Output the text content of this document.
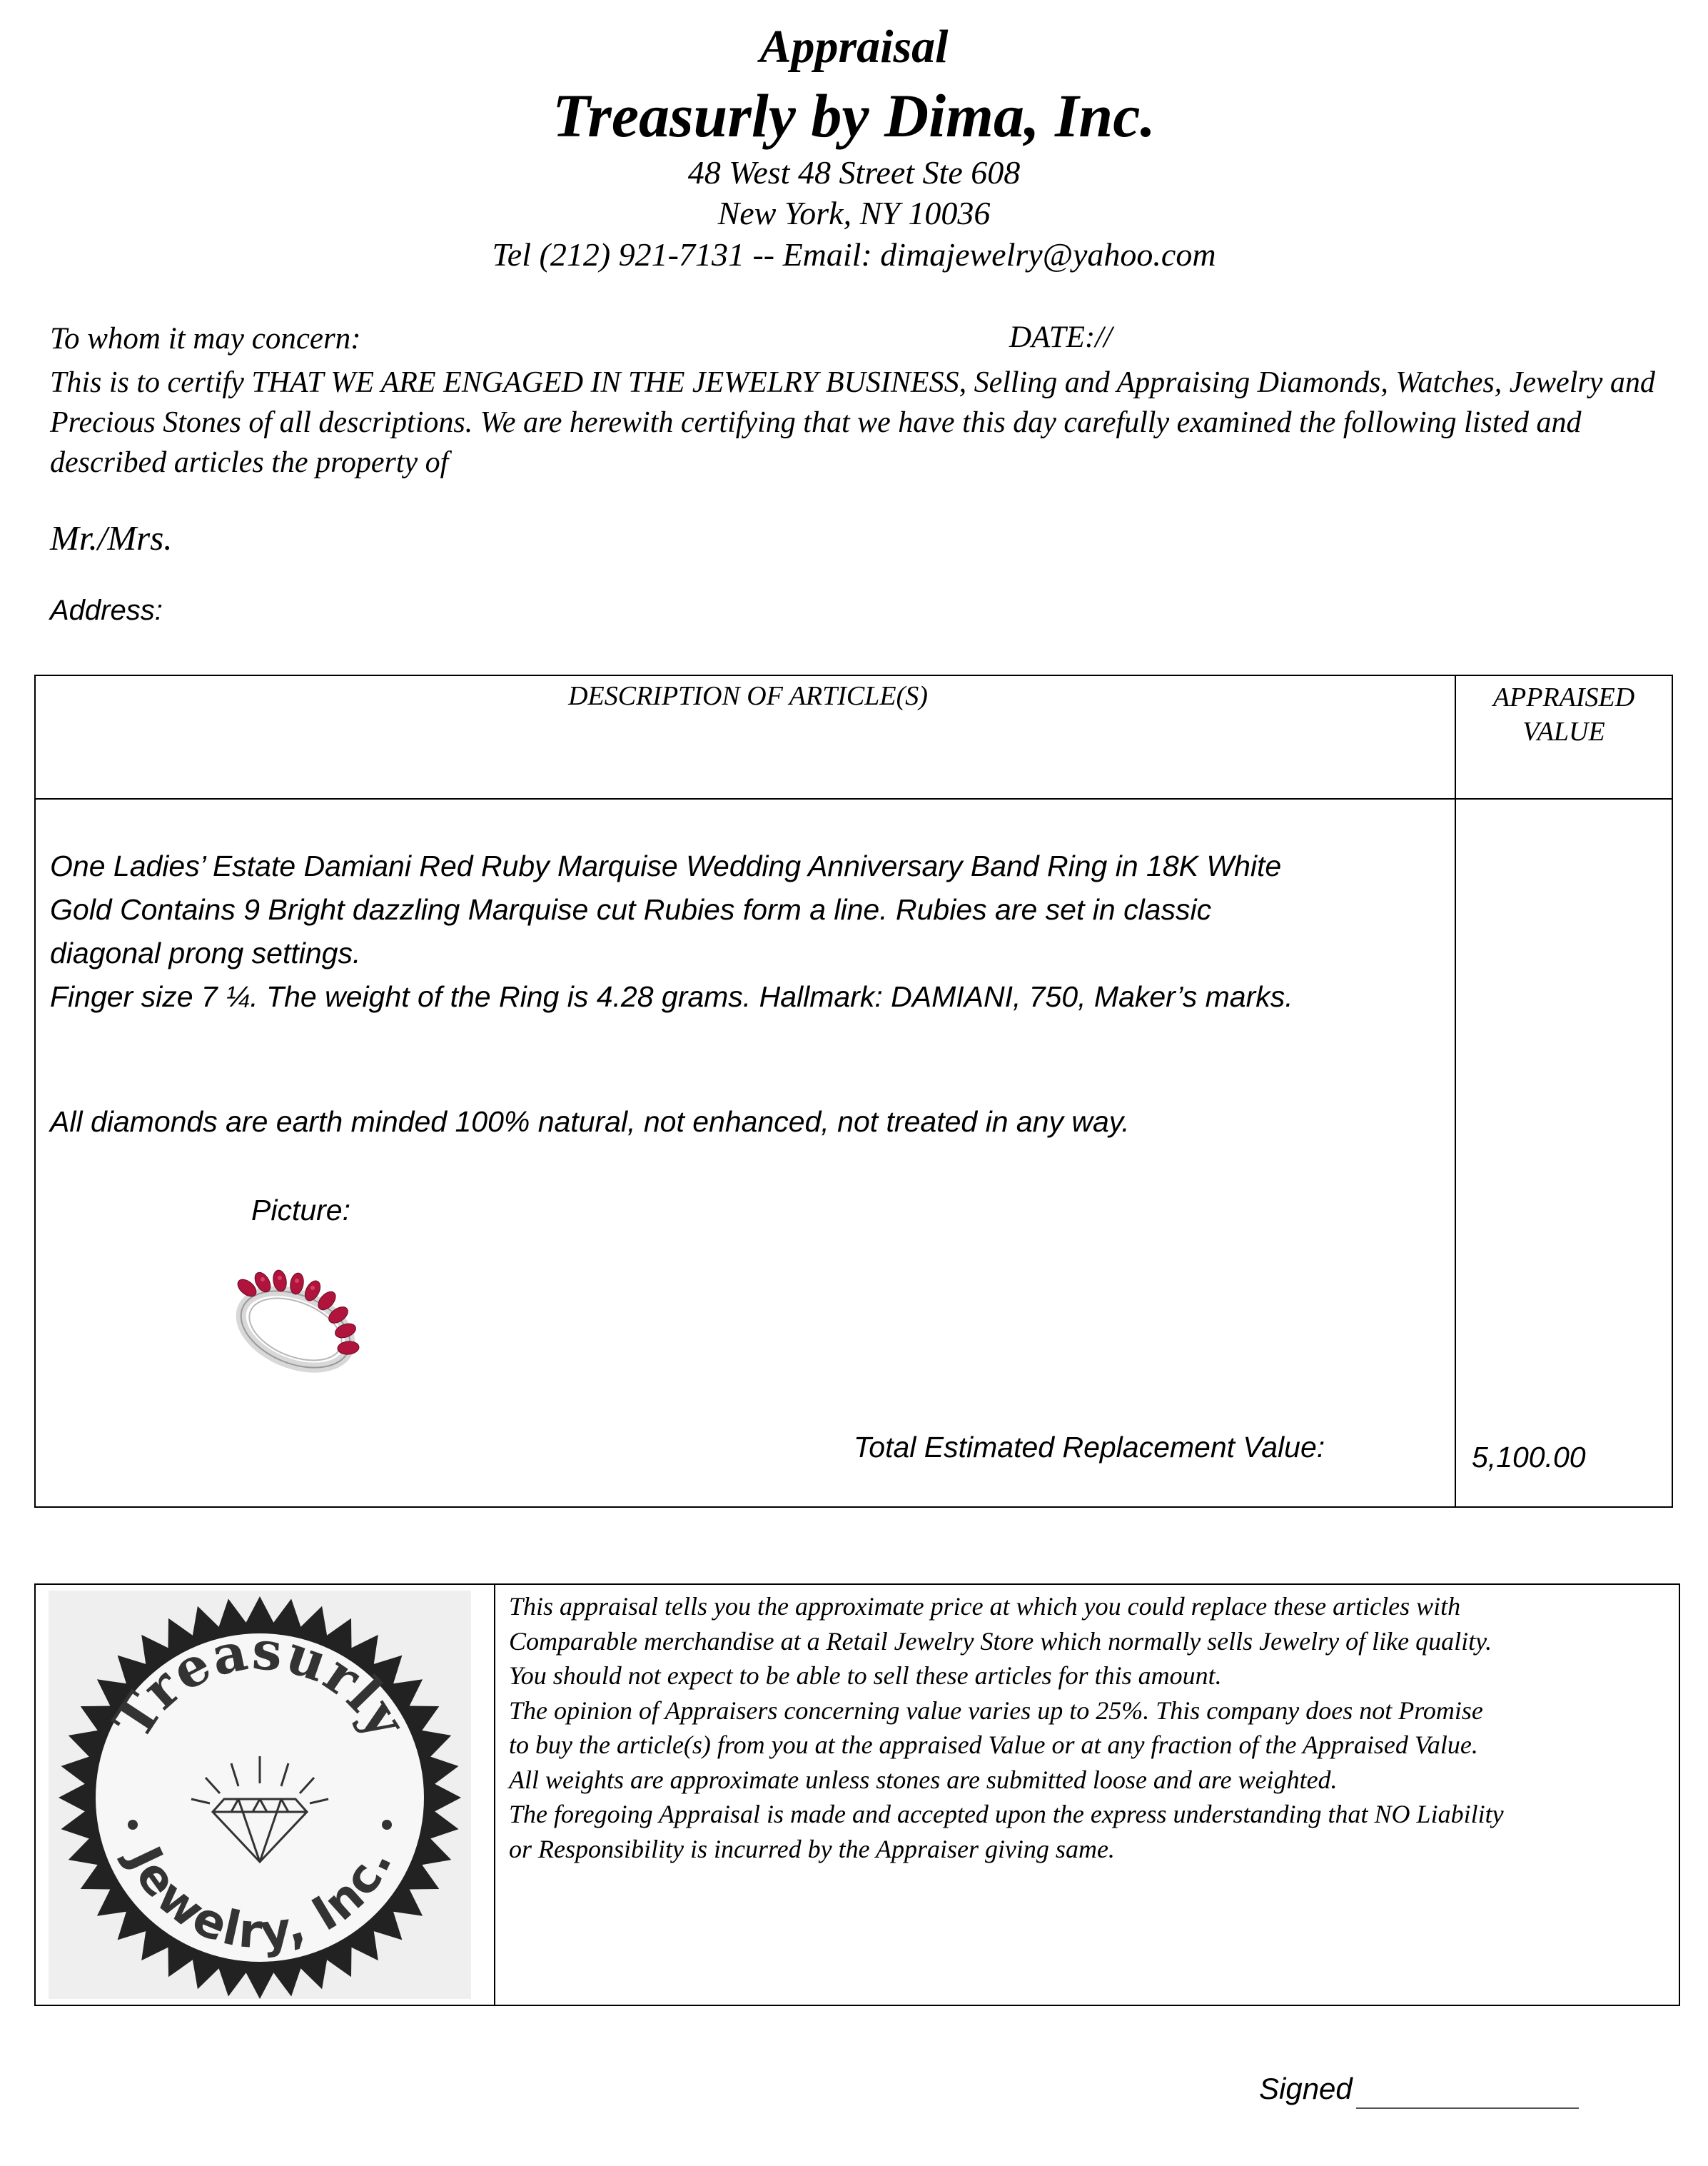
Appraisal
Treasurly by Dima, Inc.
48 West 48 Street Ste 608
New York, NY 10036
Tel (212) 921-7131 -- Email: dimajewelry@yahoo.com
To whom it may concern:	DATE://
This is to certify THAT WE ARE ENGAGED IN THE JEWELRY BUSINESS, Selling and Appraising Diamonds, Watches, Jewelry and Precious Stones of all descriptions. We are herewith certifying that we have this day carefully examined the following listed and described articles the property of
Mr./Mrs.
Address:
DESCRIPTION OF ARTICLE(S)	APPRAISED VALUE
One Ladies’ Estate Damiani Red Ruby Marquise Wedding Anniversary Band Ring in 18K White
Gold Contains 9 Bright dazzling Marquise cut Rubies form a line. Rubies are set in classic
diagonal prong settings.
Finger size 7 ¼. The weight of the Ring is 4.28 grams. Hallmark: DAMIANI, 750, Maker’s marks.
All diamonds are earth minded 100% natural, not enhanced, not treated in any way.
Picture:
Total Estimated Replacement Value:	5,100.00
Treasurly
Jewelry, Inc.
This appraisal tells you the approximate price at which you could replace these articles with
Comparable merchandise at a Retail Jewelry Store which normally sells Jewelry of like quality.
You should not expect to be able to sell these articles for this amount.
The opinion of Appraisers concerning value varies up to 25%. This company does not Promise
to buy the article(s) from you at the appraised Value or at any fraction of the Appraised Value.
All weights are approximate unless stones are submitted loose and are weighted.
The foregoing Appraisal is made and accepted upon the express understanding that NO Liability
or Responsibility is incurred by the Appraiser giving same.
Signed
